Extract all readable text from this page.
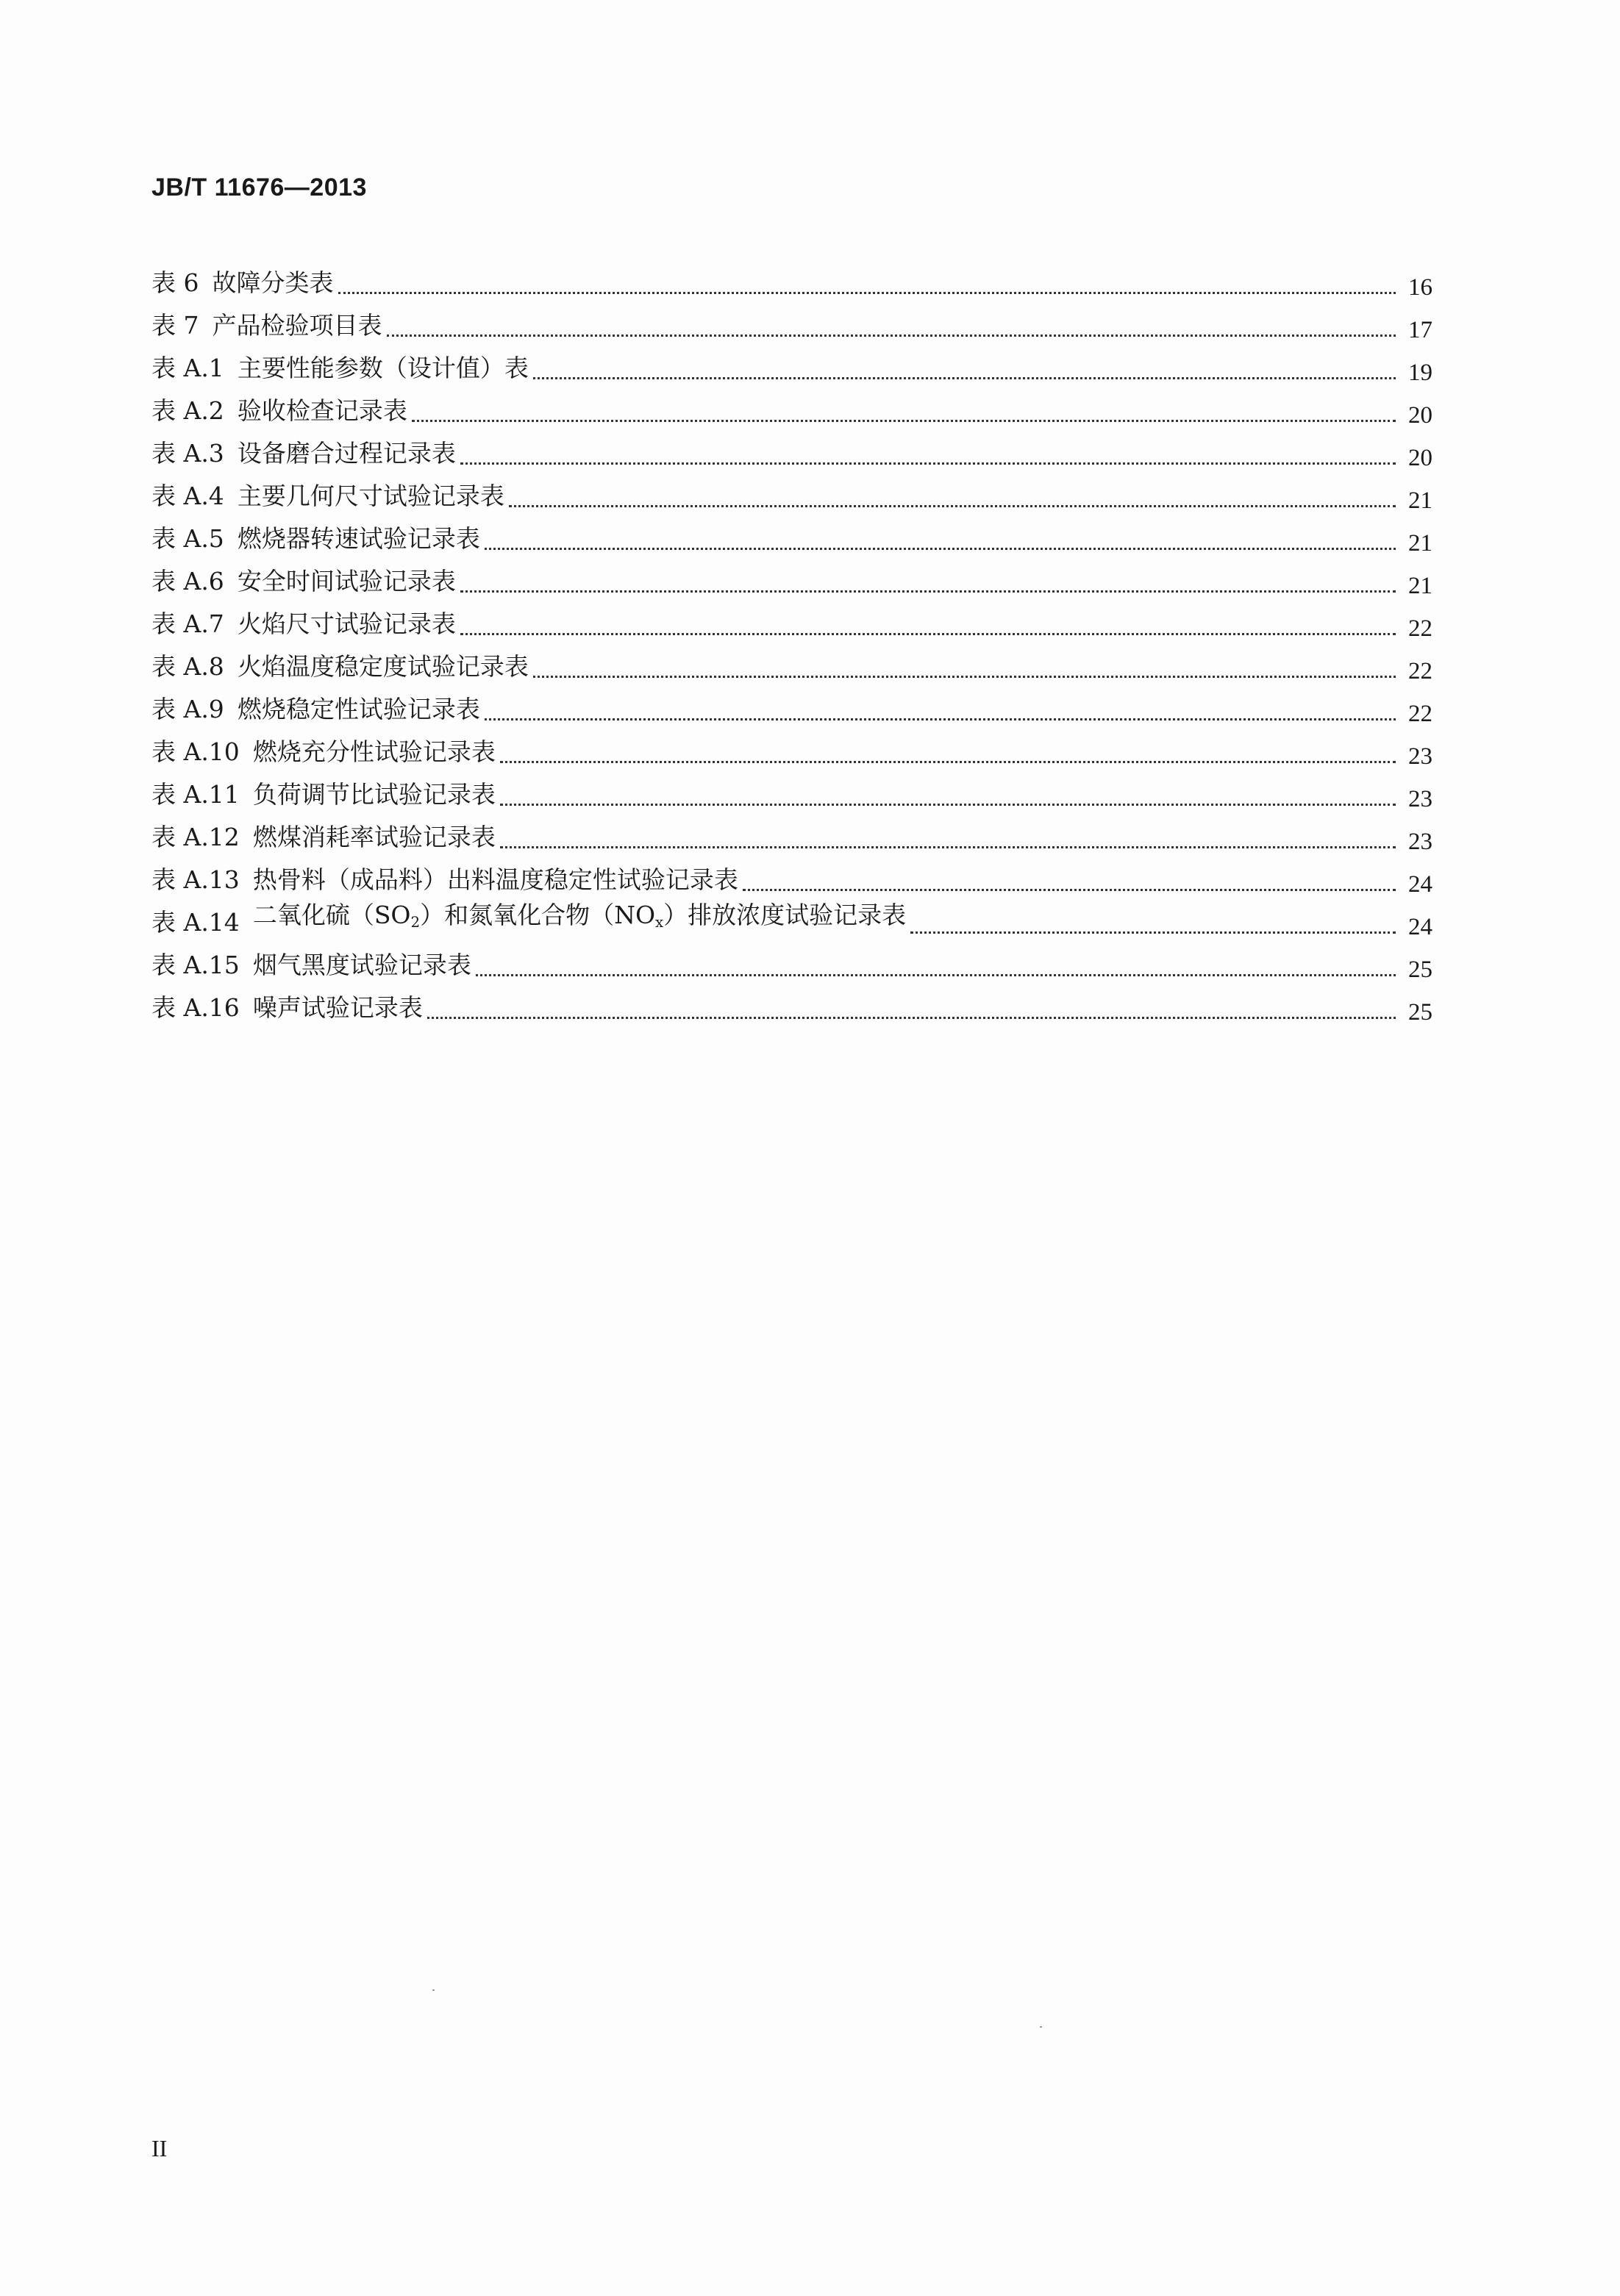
JB/T 11676—2013
表 6 故障分类表	16
表 7 产品检验项目表	17
表 A.1 主要性能参数（设计值）表	19
表 A.2 验收检查记录表	20
表 A.3 设备磨合过程记录表	20
表 A.4 主要几何尺寸试验记录表	21
表 A.5 燃烧器转速试验记录表	21
表 A.6 安全时间试验记录表	21
表 A.7 火焰尺寸试验记录表	22
表 A.8 火焰温度稳定度试验记录表	22
表 A.9 燃烧稳定性试验记录表	22
表 A.10 燃烧充分性试验记录表	23
表 A.11 负荷调节比试验记录表	23
表 A.12 燃煤消耗率试验记录表	23
表 A.13 热骨料（成品料）出料温度稳定性试验记录表	24
表 A.14 二氧化硫$(SO_2)$和氮氧化合物$(NO_x)$排放浓度试验记录表	24
表 A.15 烟气黑度试验记录表	25
表 A.16 噪声试验记录表	25
II
